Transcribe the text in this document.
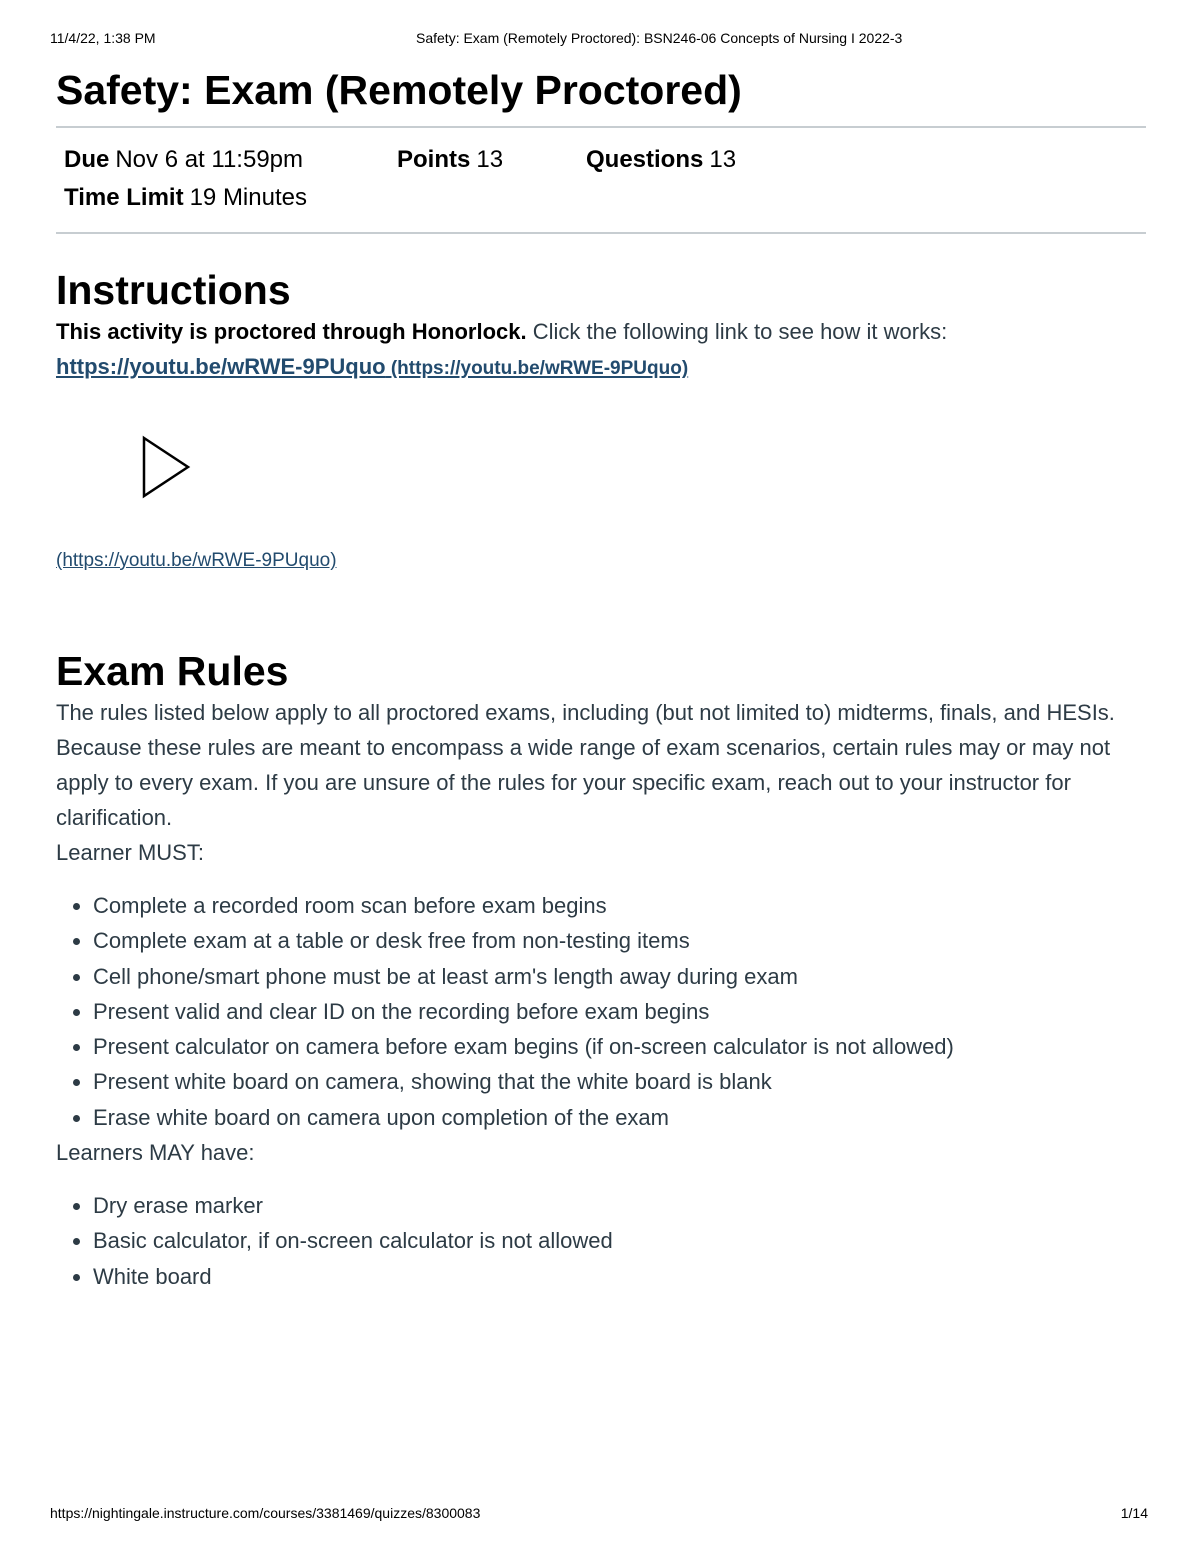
11/4/22, 1:38 PM	Safety: Exam (Remotely Proctored): BSN246-06 Concepts of Nursing I 2022-3
Safety: Exam (Remotely Proctored)
Due Nov 6 at 11:59pm	Points 13	Questions 13
Time Limit 19 Minutes
Instructions

This activity is proctored through Honorlock. Click the following link to see how it works:
https://youtu.be/wRWE-9PUquo (https://youtu.be/wRWE-9PUquo)

(https://youtu.be/wRWE-9PUquo)
Exam Rules

The rules listed below apply to all proctored exams, including (but not limited to) midterms, finals, and HESIs. Because these rules are meant to encompass a wide range of exam scenarios, certain rules may or may not apply to every exam. If you are unsure of the rules for your specific exam, reach out to your instructor for clarification.

Learner MUST:

• Complete a recorded room scan before exam begins
• Complete exam at a table or desk free from non-testing items
• Cell phone/smart phone must be at least arm's length away during exam
• Present valid and clear ID on the recording before exam begins
• Present calculator on camera before exam begins (if on-screen calculator is not allowed)
• Present white board on camera, showing that the white board is blank
• Erase white board on camera upon completion of the exam

Learners MAY have:

• Dry erase marker
• Basic calculator, if on-screen calculator is not allowed
• White board
https://nightingale.instructure.com/courses/3381469/quizzes/8300083	1/14
